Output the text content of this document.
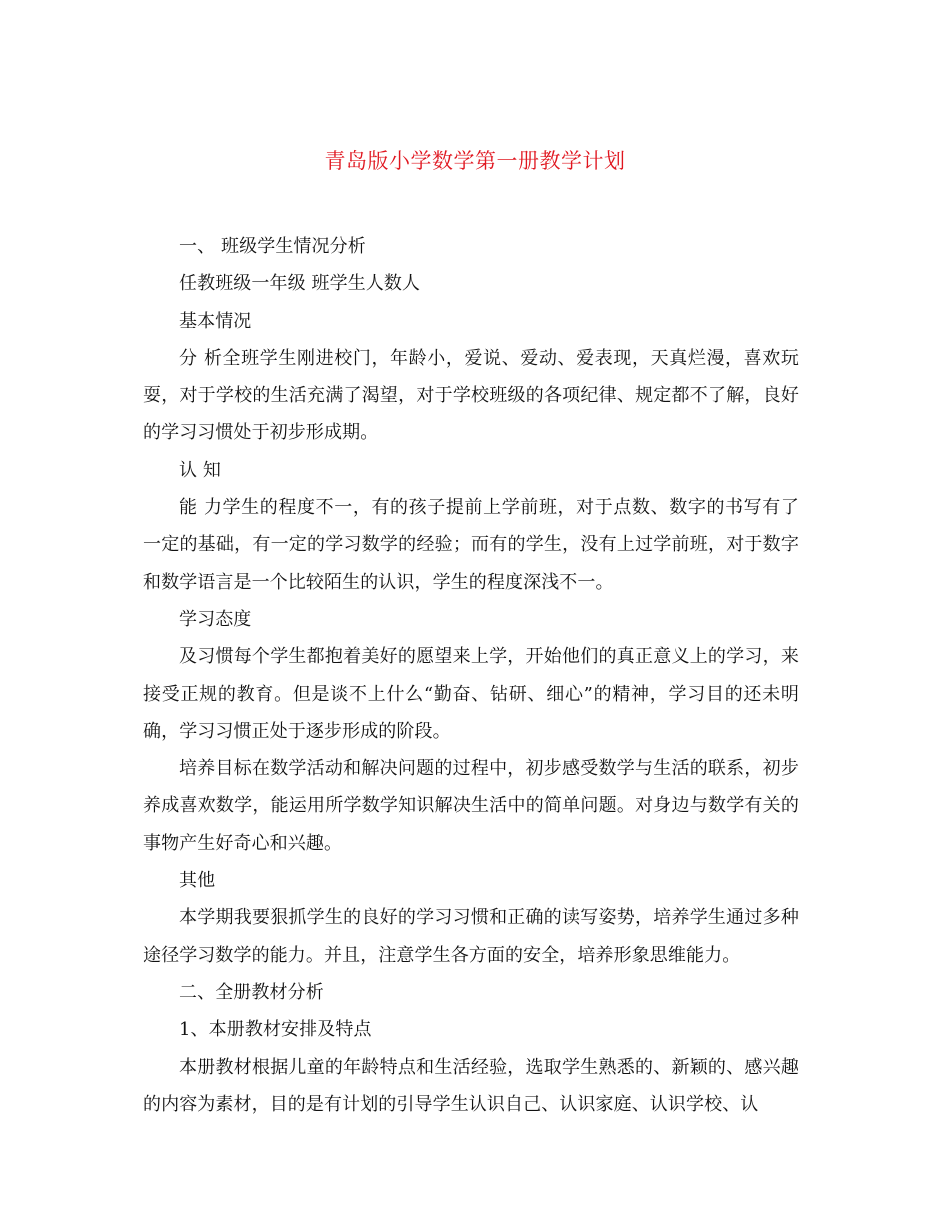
青岛版小学数学第一册教学计划

一、 班级学生情况分析

任教班级一年级 班学生人数人

基本情况

分 析全班学生刚进校门，年龄小，爱说、爱动、爱表现，天真烂漫，喜欢玩耍，对于学校的生活充满了渴望，对于学校班级的各项纪律、规定都不了解，良好的学习习惯处于初步形成期。

认 知

能 力学生的程度不一，有的孩子提前上学前班，对于点数、数字的书写有了一定的基础，有一定的学习数学的经验；而有的学生，没有上过学前班，对于数字和数学语言是一个比较陌生的认识，学生的程度深浅不一。

学习态度

及习惯每个学生都抱着美好的愿望来上学，开始他们的真正意义上的学习，来接受正规的教育。但是谈不上什么“勤奋、钻研、细心”的精神，学习目的还未明确，学习习惯正处于逐步形成的阶段。

培养目标在数学活动和解决问题的过程中，初步感受数学与生活的联系，初步养成喜欢数学，能运用所学数学知识解决生活中的简单问题。对身边与数学有关的事物产生好奇心和兴趣。

其他

本学期我要狠抓学生的良好的学习习惯和正确的读写姿势，培养学生通过多种途径学习数学的能力。并且，注意学生各方面的安全，培养形象思维能力。

二、全册教材分析

1、本册教材安排及特点

本册教材根据儿童的年龄特点和生活经验，选取学生熟悉的、新颖的、感兴趣的内容为素材，目的是有计划的引导学生认识自己、认识家庭、认识学校、认
